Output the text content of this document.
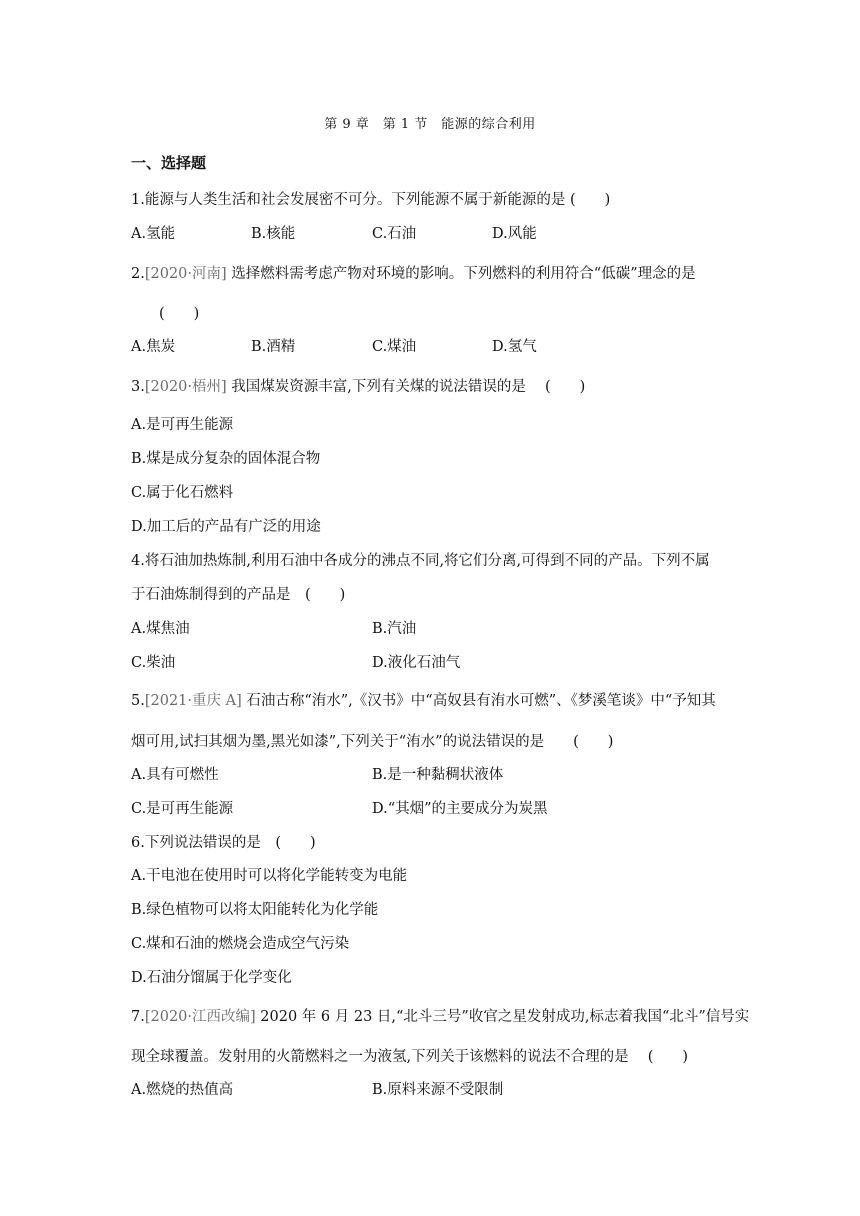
第 9 章　第 1 节　能源的综合利用
一、选择题
1.能源与人类生活和社会发展密不可分。下列能源不属于新能源的是 (　　)
A.氢能	B.核能	C.石油	D.风能
2.[2020·河南] 选择燃料需考虑产物对环境的影响。下列燃料的利用符合“低碳”理念的是
(　　)
A.焦炭	B.酒精	C.煤油	D.氢气
3.[2020·梧州] 我国煤炭资源丰富,下列有关煤的说法错误的是　 (　　)
A.是可再生能源
B.煤是成分复杂的固体混合物
C.属于化石燃料
D.加工后的产品有广泛的用途
4.将石油加热炼制,利用石油中各成分的沸点不同,将它们分离,可得到不同的产品。下列不属
于石油炼制得到的产品是　(　　)
A.煤焦油	B.汽油
C.柴油	D.液化石油气
5.[2021·重庆 A] 石油古称“洧水”,《汉书》中“高奴县有洧水可燃”、《梦溪笔谈》中“予知其
烟可用,试扫其烟为墨,黑光如漆”,下列关于“洧水”的说法错误的是　　(　　)
A.具有可燃性	B.是一种黏稠状液体
C.是可再生能源	D.“其烟”的主要成分为炭黑
6.下列说法错误的是　(　　)
A.干电池在使用时可以将化学能转变为电能
B.绿色植物可以将太阳能转化为化学能
C.煤和石油的燃烧会造成空气污染
D.石油分馏属于化学变化
7.[2020·江西改编] 2020 年 6 月 23 日,“北斗三号”收官之星发射成功,标志着我国“北斗”信号实
现全球覆盖。发射用的火箭燃料之一为液氢,下列关于该燃料的说法不合理的是　 (　　)
A.燃烧的热值高	B.原料来源不受限制
